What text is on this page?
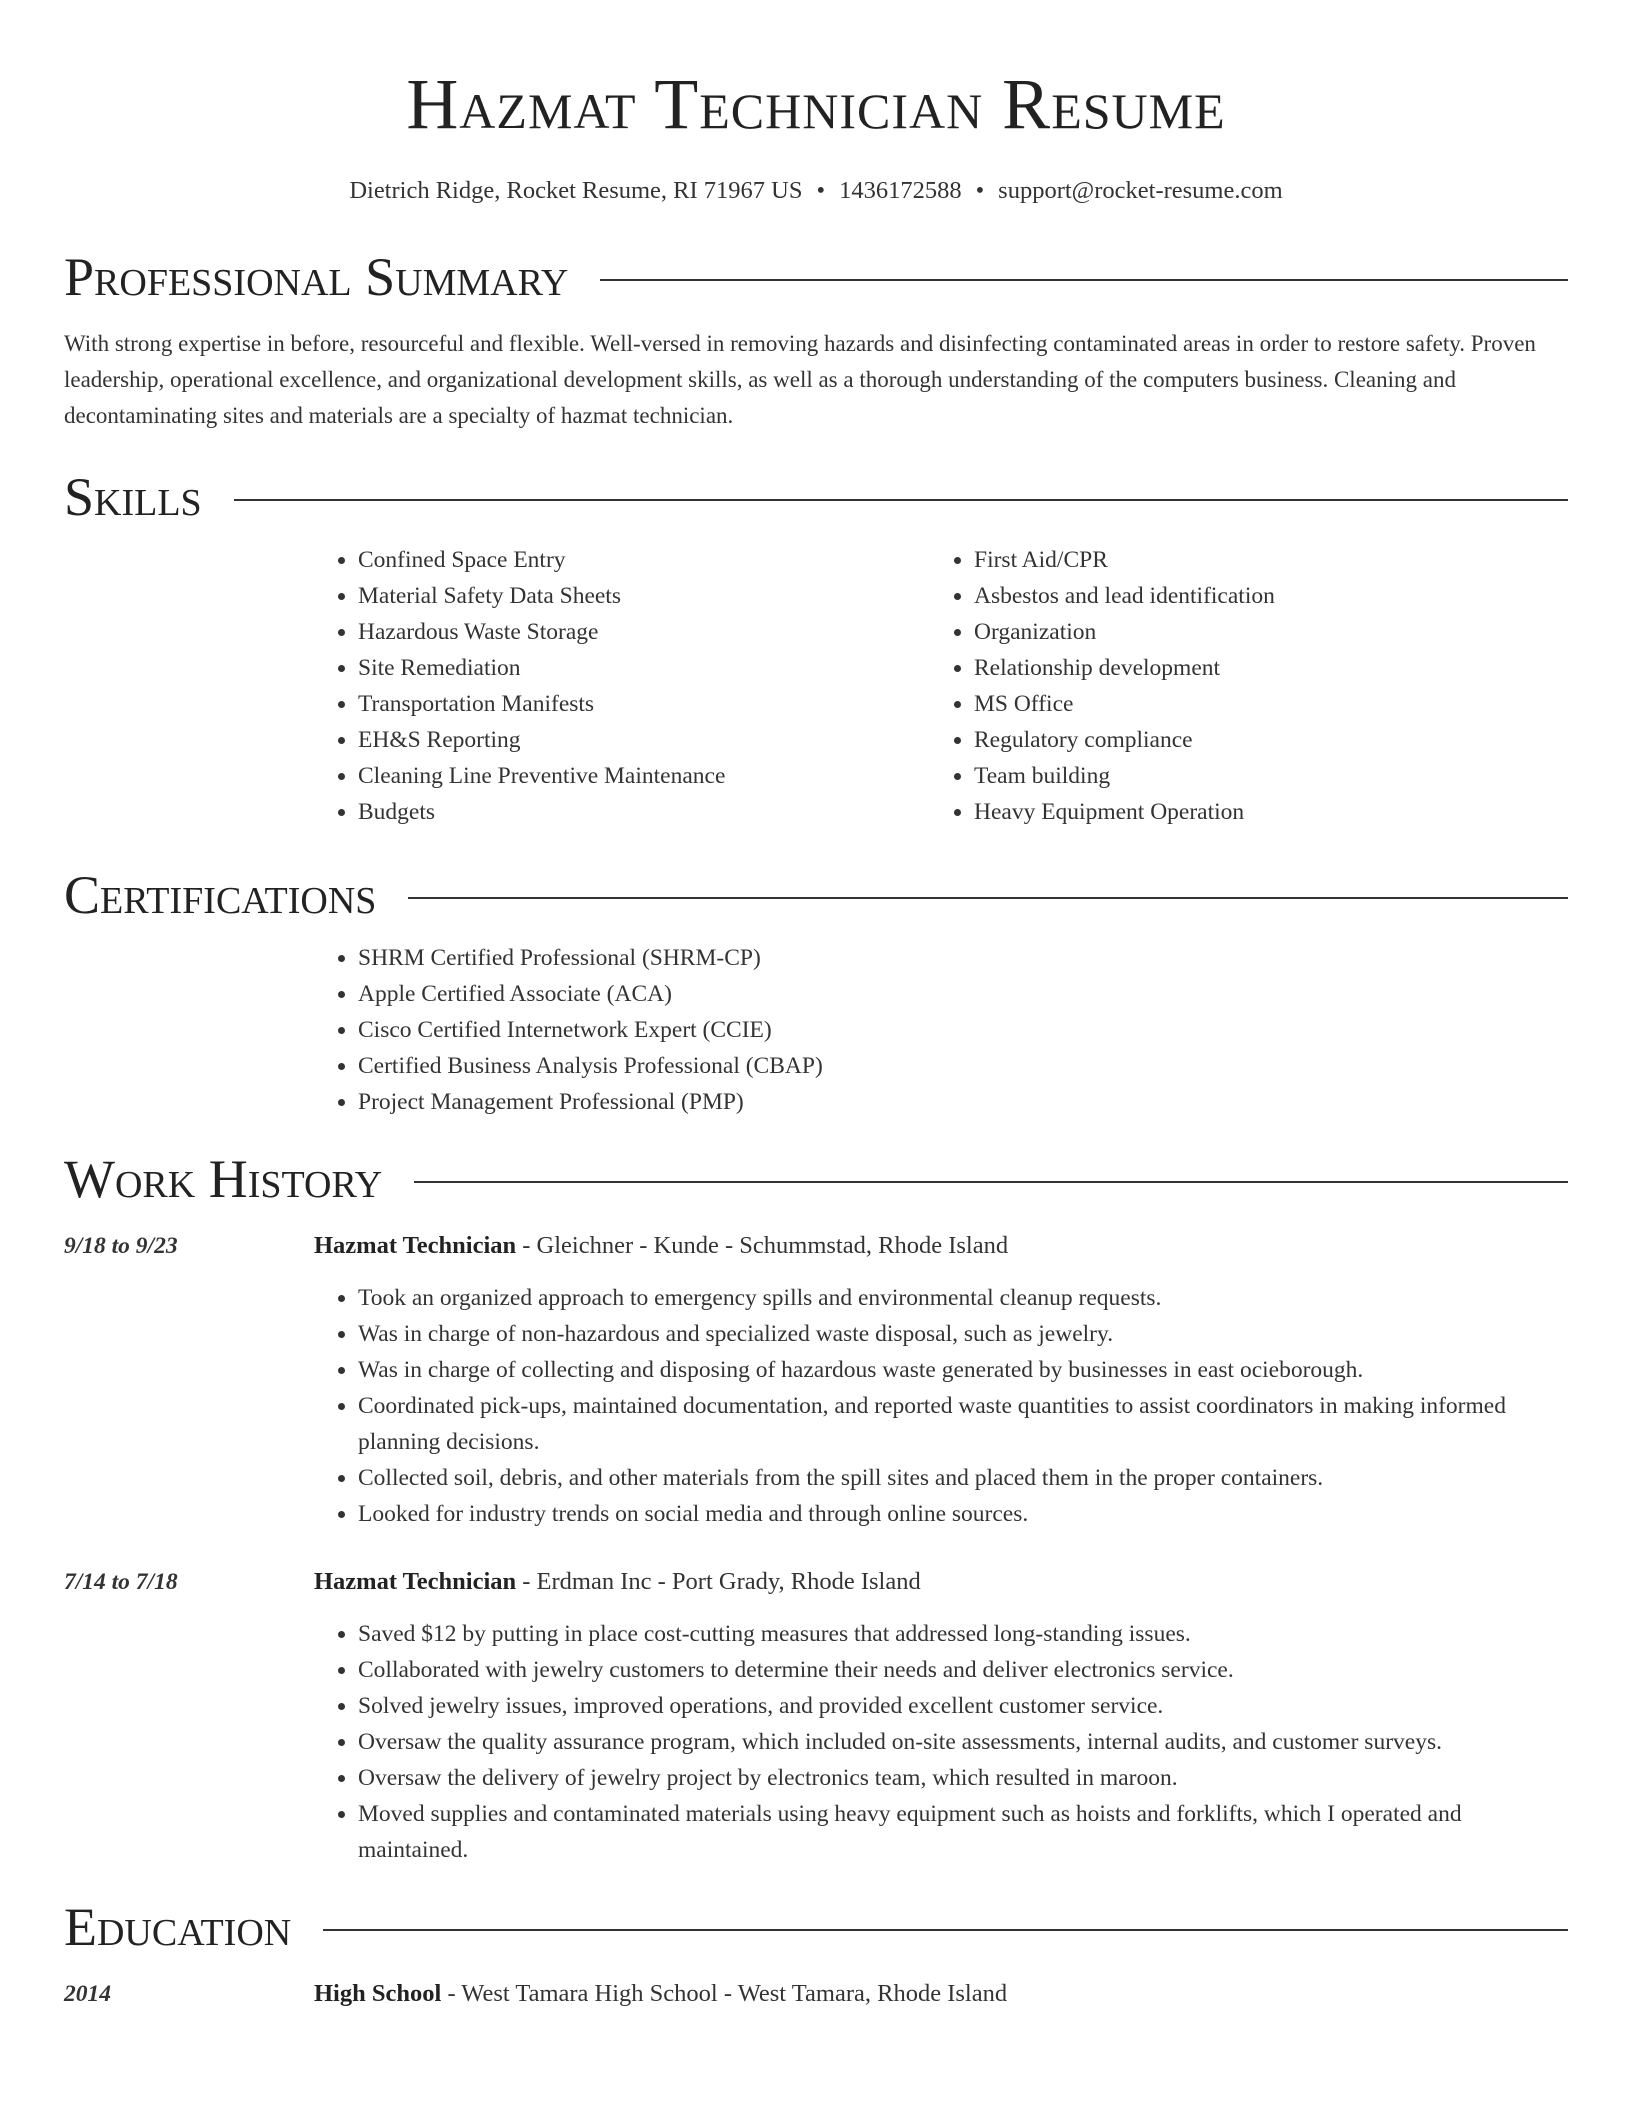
Hazmat Technician Resume
Dietrich Ridge, Rocket Resume, RI 71967 US • 1436172588 • support@rocket-resume.com
Professional Summary

With strong expertise in before, resourceful and flexible. Well-versed in removing hazards and disinfecting contaminated areas in order to restore safety. Proven leadership, operational excellence, and organizational development skills, as well as a thorough understanding of the computers business. Cleaning and decontaminating sites and materials are a specialty of hazmat technician.

Skills
• Confined Space Entry
• Material Safety Data Sheets
• Hazardous Waste Storage
• Site Remediation
• Transportation Manifests
• EH&S Reporting
• Cleaning Line Preventive Maintenance
• Budgets
• First Aid/CPR
• Asbestos and lead identification
• Organization
• Relationship development
• MS Office
• Regulatory compliance
• Team building
• Heavy Equipment Operation
Certifications
• SHRM Certified Professional (SHRM-CP)
• Apple Certified Associate (ACA)
• Cisco Certified Internetwork Expert (CCIE)
• Certified Business Analysis Professional (CBAP)
• Project Management Professional (PMP)
Work History
9/18 to 9/23	Hazmat Technician - Gleichner - Kunde - Schummstad, Rhode Island
• Took an organized approach to emergency spills and environmental cleanup requests.
• Was in charge of non-hazardous and specialized waste disposal, such as jewelry.
• Was in charge of collecting and disposing of hazardous waste generated by businesses in east ocieborough.
• Coordinated pick-ups, maintained documentation, and reported waste quantities to assist coordinators in making informed planning decisions.
• Collected soil, debris, and other materials from the spill sites and placed them in the proper containers.
• Looked for industry trends on social media and through online sources.
7/14 to 7/18	Hazmat Technician - Erdman Inc - Port Grady, Rhode Island
• Saved $12 by putting in place cost-cutting measures that addressed long-standing issues.
• Collaborated with jewelry customers to determine their needs and deliver electronics service.
• Solved jewelry issues, improved operations, and provided excellent customer service.
• Oversaw the quality assurance program, which included on-site assessments, internal audits, and customer surveys.
• Oversaw the delivery of jewelry project by electronics team, which resulted in maroon.
• Moved supplies and contaminated materials using heavy equipment such as hoists and forklifts, which I operated and maintained.
Education
2014	High School - West Tamara High School - West Tamara, Rhode Island
